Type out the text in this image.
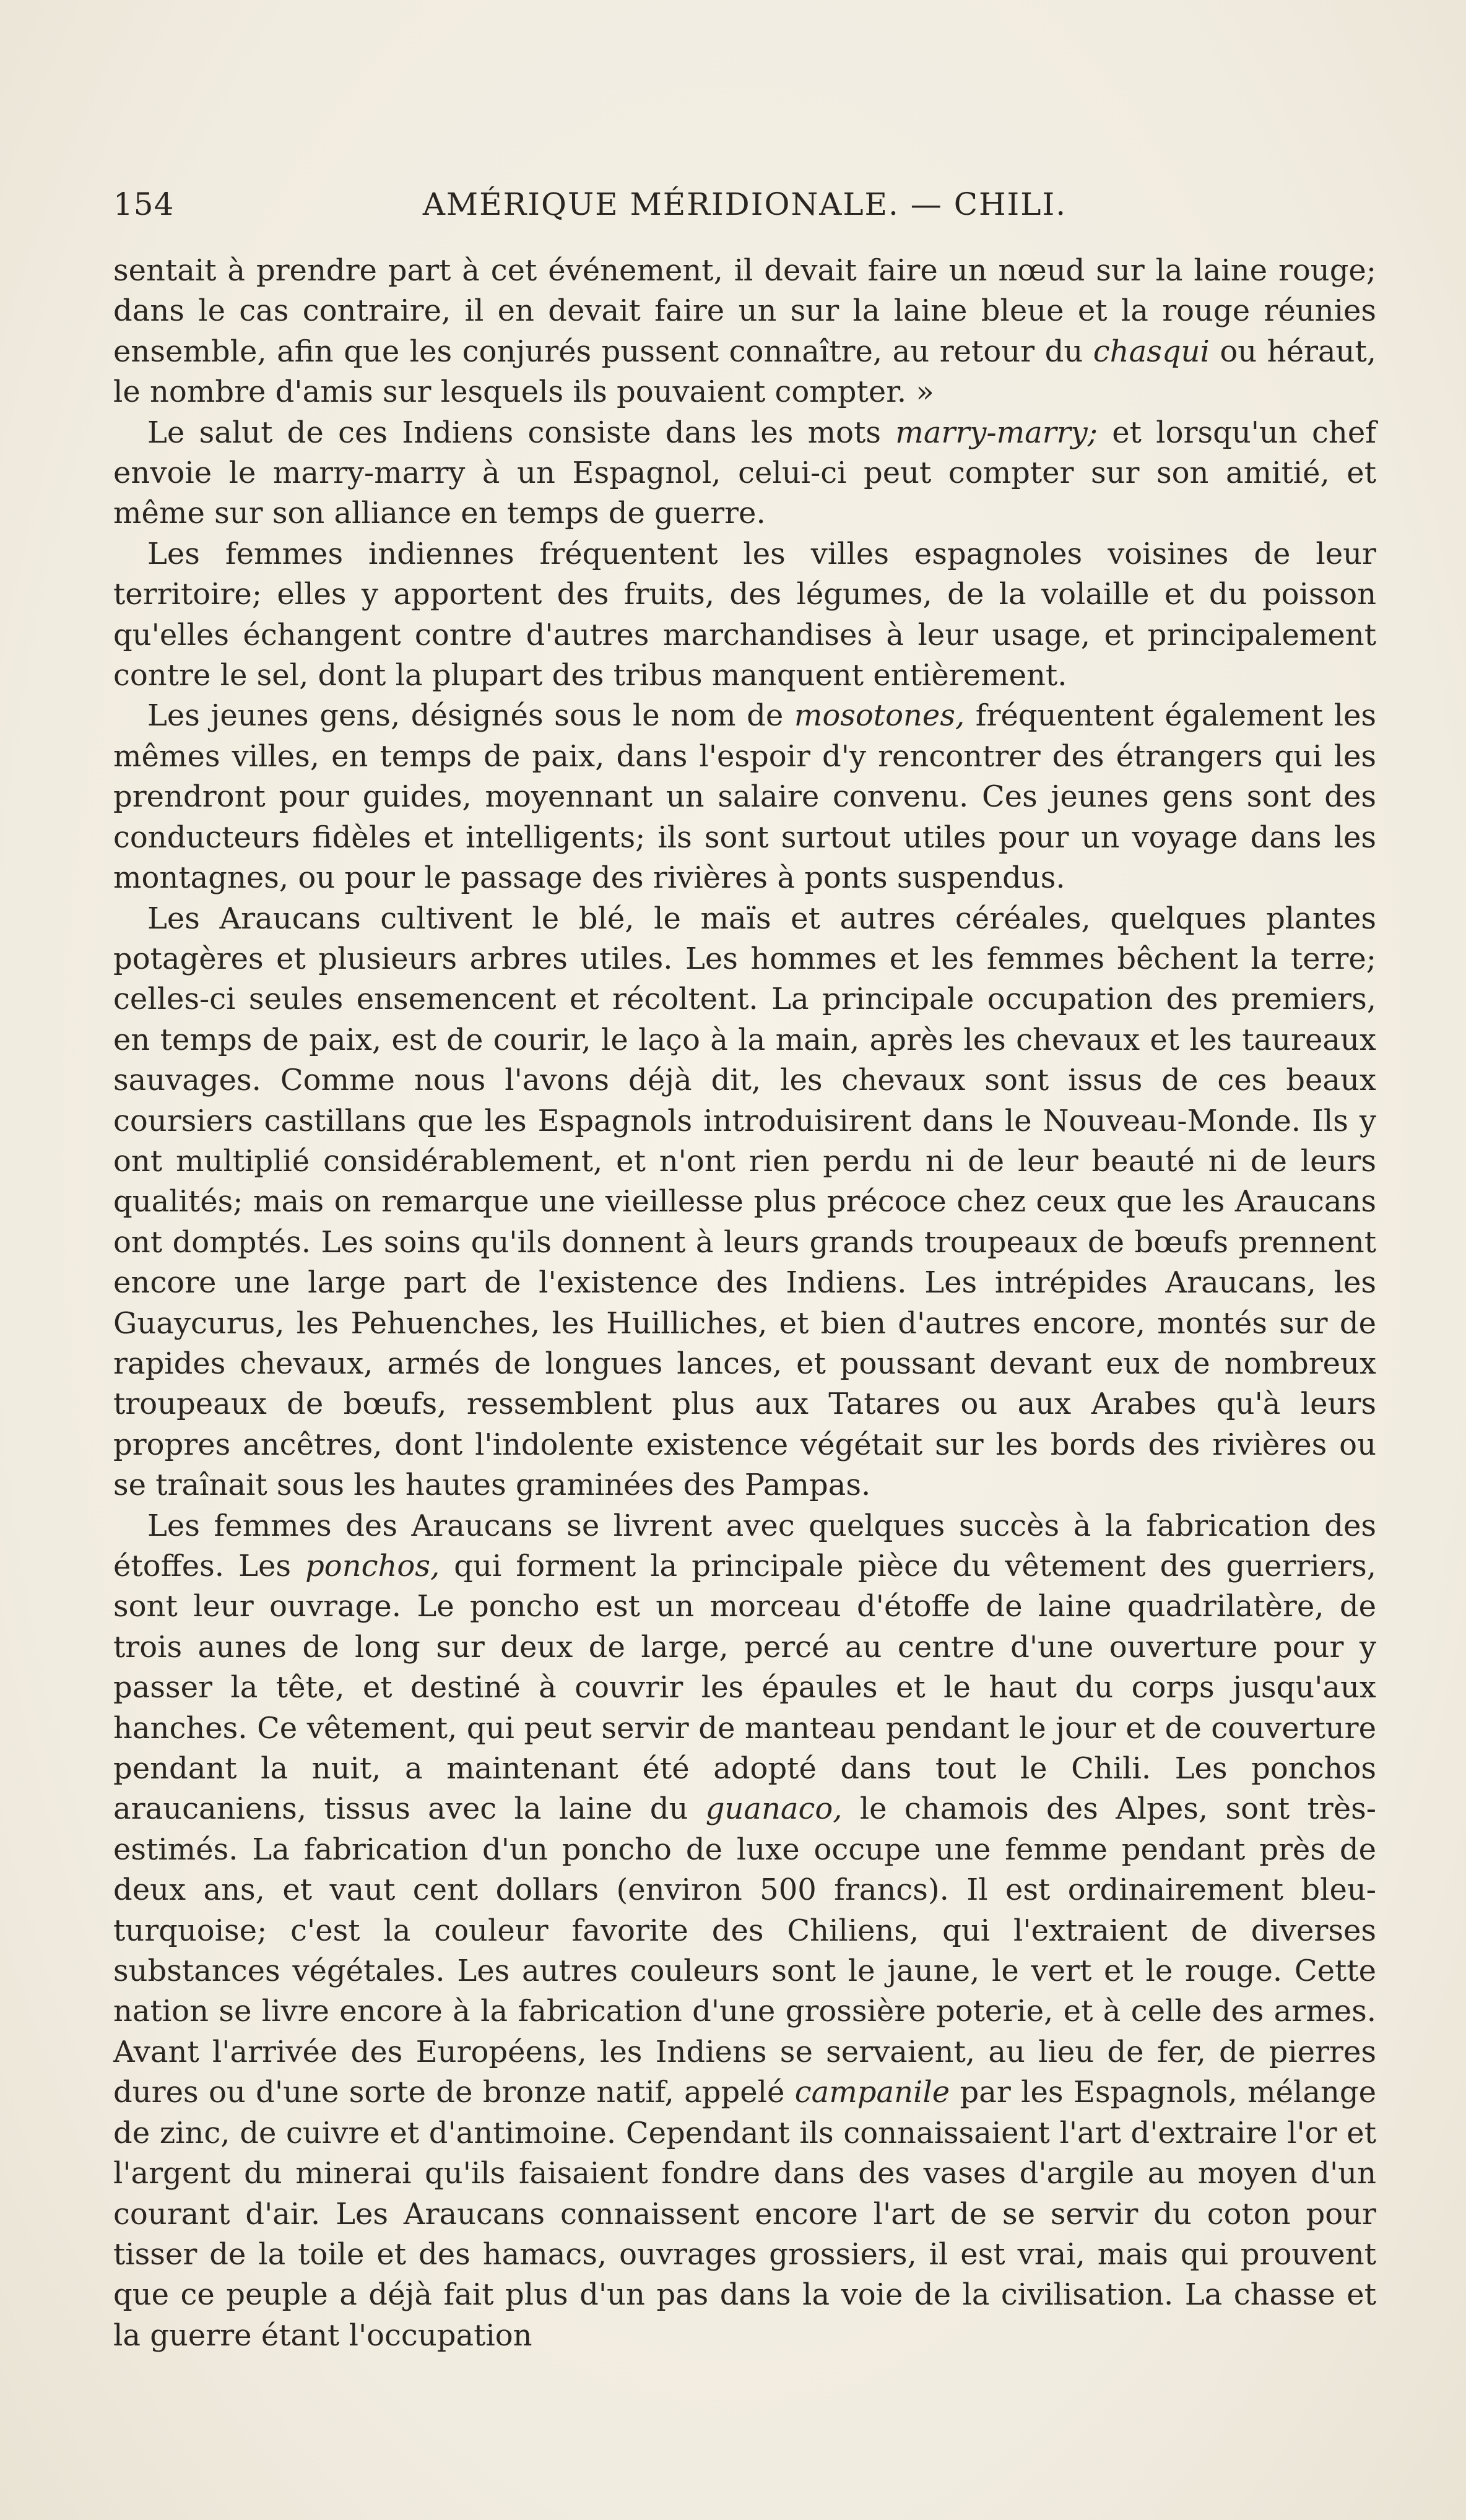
154	AMÉRIQUE MÉRIDIONALE. — CHILI.

sentait à prendre part à cet événement, il devait faire un nœud sur la laine rouge; dans le cas contraire, il en devait faire un sur la laine bleue et la rouge réunies ensemble, afin que les conjurés pussent connaître, au retour du chasqui ou héraut, le nombre d'amis sur lesquels ils pouvaient compter. »

Le salut de ces Indiens consiste dans les mots marry-marry; et lorsqu'un chef envoie le marry-marry à un Espagnol, celui-ci peut compter sur son amitié, et même sur son alliance en temps de guerre.

Les femmes indiennes fréquentent les villes espagnoles voisines de leur territoire; elles y apportent des fruits, des légumes, de la volaille et du poisson qu'elles échangent contre d'autres marchandises à leur usage, et principalement contre le sel, dont la plupart des tribus manquent entièrement.

Les jeunes gens, désignés sous le nom de mosotones, fréquentent également les mêmes villes, en temps de paix, dans l'espoir d'y rencontrer des étrangers qui les prendront pour guides, moyennant un salaire convenu. Ces jeunes gens sont des conducteurs fidèles et intelligents; ils sont surtout utiles pour un voyage dans les montagnes, ou pour le passage des rivières à ponts suspendus.

Les Araucans cultivent le blé, le maïs et autres céréales, quelques plantes potagères et plusieurs arbres utiles. Les hommes et les femmes bêchent la terre; celles-ci seules ensemencent et récoltent. La principale occupation des premiers, en temps de paix, est de courir, le laço à la main, après les chevaux et les taureaux sauvages. Comme nous l'avons déjà dit, les chevaux sont issus de ces beaux coursiers castillans que les Espagnols introduisirent dans le Nouveau-Monde. Ils y ont multiplié considérablement, et n'ont rien perdu ni de leur beauté ni de leurs qualités; mais on remarque une vieillesse plus précoce chez ceux que les Araucans ont domptés. Les soins qu'ils donnent à leurs grands troupeaux de bœufs prennent encore une large part de l'existence des Indiens. Les intrépides Araucans, les Guaycurus, les Pehuenches, les Huilliches, et bien d'autres encore, montés sur de rapides chevaux, armés de longues lances, et poussant devant eux de nombreux troupeaux de bœufs, ressemblent plus aux Tatares ou aux Arabes qu'à leurs propres ancêtres, dont l'indolente existence végétait sur les bords des rivières ou se traînait sous les hautes graminées des Pampas.

Les femmes des Araucans se livrent avec quelques succès à la fabrication des étoffes. Les ponchos, qui forment la principale pièce du vêtement des guerriers, sont leur ouvrage. Le poncho est un morceau d'étoffe de laine quadrilatère, de trois aunes de long sur deux de large, percé au centre d'une ouverture pour y passer la tête, et destiné à couvrir les épaules et le haut du corps jusqu'aux hanches. Ce vêtement, qui peut servir de manteau pendant le jour et de couverture pendant la nuit, a maintenant été adopté dans tout le Chili. Les ponchos araucaniens, tissus avec la laine du guanaco, le chamois des Alpes, sont très-estimés. La fabrication d'un poncho de luxe occupe une femme pendant près de deux ans, et vaut cent dollars (environ 500 francs). Il est ordinairement bleu-turquoise; c'est la couleur favorite des Chiliens, qui l'extraient de diverses substances végétales. Les autres couleurs sont le jaune, le vert et le rouge. Cette nation se livre encore à la fabrication d'une grossière poterie, et à celle des armes. Avant l'arrivée des Européens, les Indiens se servaient, au lieu de fer, de pierres dures ou d'une sorte de bronze natif, appelé campanile par les Espagnols, mélange de zinc, de cuivre et d'antimoine. Cependant ils connaissaient l'art d'extraire l'or et l'argent du minerai qu'ils faisaient fondre dans des vases d'argile au moyen d'un courant d'air. Les Araucans connaissent encore l'art de se servir du coton pour tisser de la toile et des hamacs, ouvrages grossiers, il est vrai, mais qui prouvent que ce peuple a déjà fait plus d'un pas dans la voie de la civilisation. La chasse et la guerre étant l'occupation
